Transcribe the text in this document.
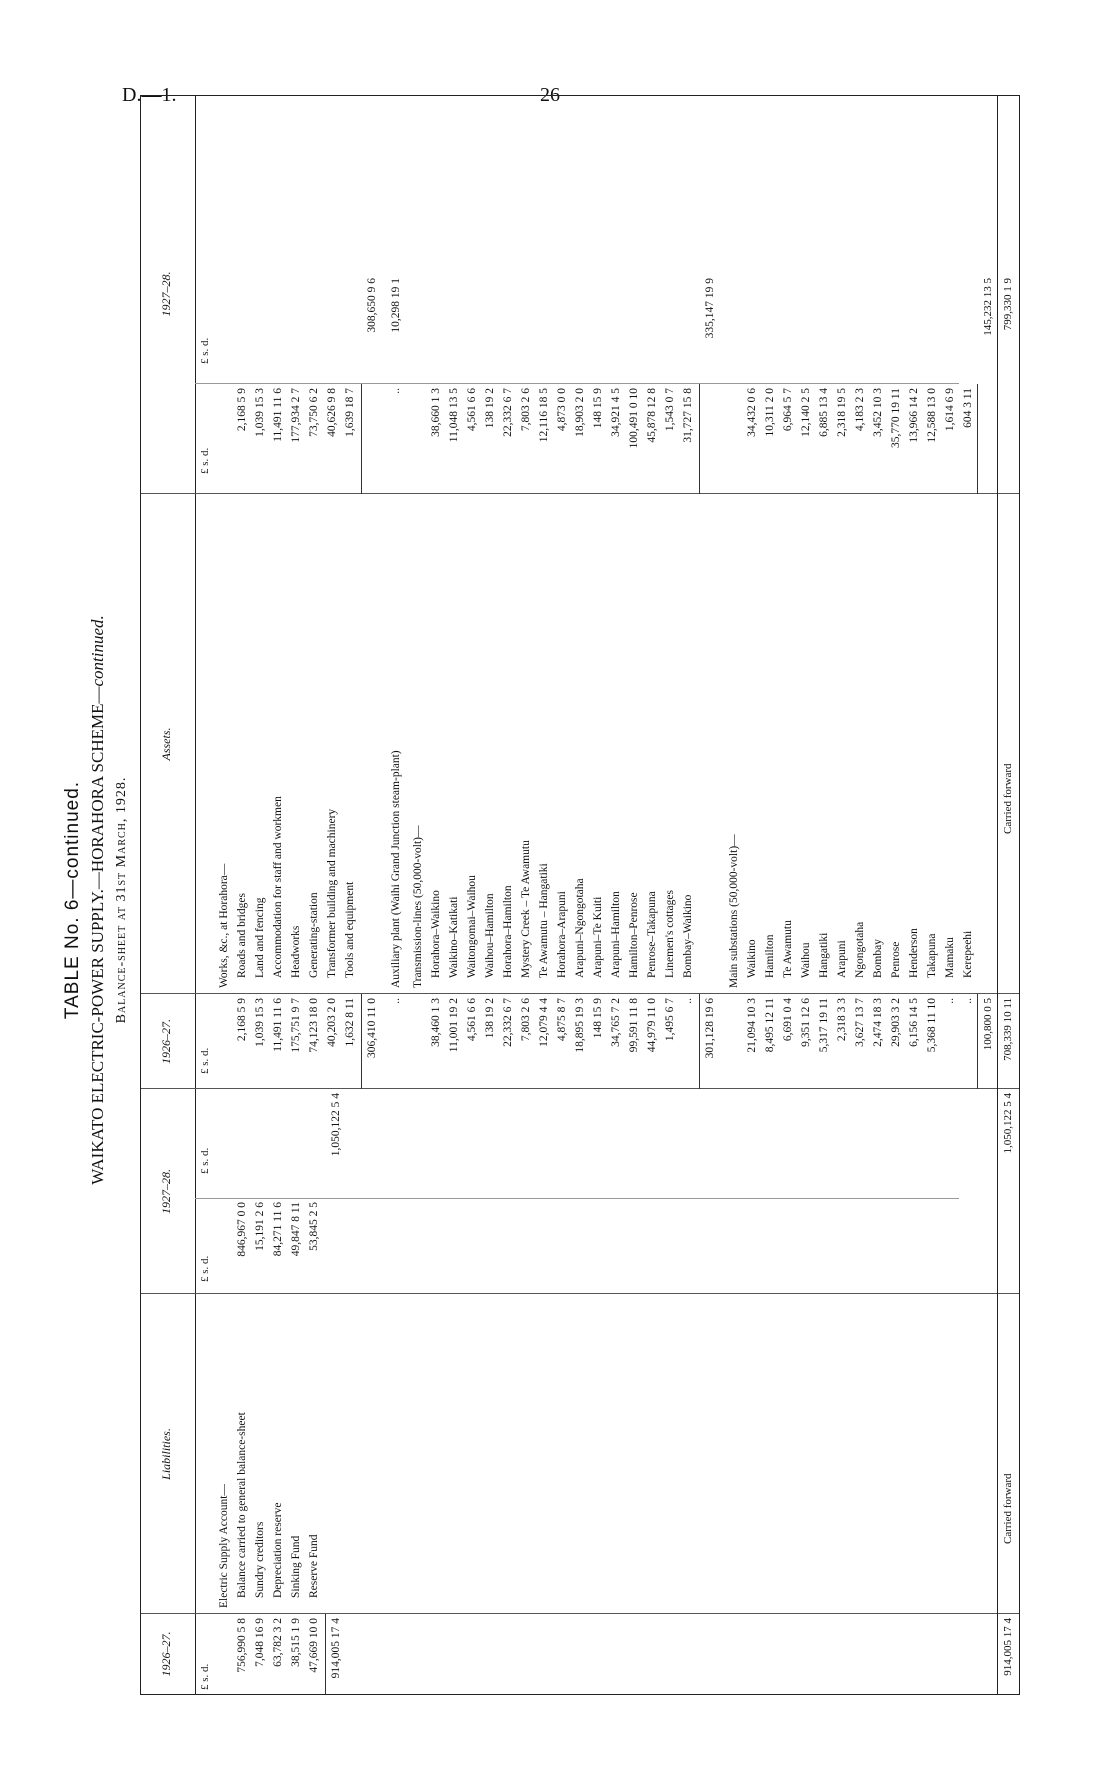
D.—1.	26
TABLE No. 6—continued. WAIKATO ELECTRIC-POWER SUPPLY.—HORAHORA SCHEME—continued.
Balance-sheet at 31st March, 1928.
1926–27.
Liabilities.
1927–28.
1926–27.
Assets.
1927–28.
£ s. d.
£ s. d.
£ s. d.
£ s. d.
£ s. d.
£ s. d.
Electric Supply Account— Balance carried to general balance-sheet
756,990 5 8
846,967 0 0
Sundry creditors
7,048 16 9
15,191 2 6
Depreciation reserve
63,782 3 2
84,271 11 6
Sinking Fund
38,515 1 9
49,847 8 11
Reserve Fund
47,669 10 0
53,845 2 5
914,005 17 4
1,050,122 5 4
Works, &c., at Horahora— Roads and bridges
2,168 5 9
2,168 5 9
Land and fencing
1,039 15 3
1,039 15 3
Accommodation for staff and workmen
11,491 11 6
11,491 11 6
Headworks
175,751 9 7
177,934 2 7
Generating-station
74,123 18 0
73,750 6 2
Transformer building and machinery
40,203 2 0
40,626 9 8
Tools and equipment
1,632 8 11
1,639 18 7
306,410 11 0
308,650 9 6
Auxiliary plant (Waihi Grand Junction steam-plant)
..
..
10,298 19 1
Transmission-lines (50,000-volt)— Horahora–Waikino
38,460 1 3
38,660 1 3
Waikino–Katikati
11,001 19 2
11,048 13 5
Waitongomai–Waihou
4,561 6 6
4,561 6 6
Waihou–Hamilton
138 19 2
138 19 2
Horahora–Hamilton
22,332 6 7
22,332 6 7
Mystery Creek – Te Awamutu
7,803 2 6
7,803 2 6
Te Awamutu – Hangatiki
12,079 4 4
12,116 18 5
Horahora–Arapuni
4,875 8 7
4,873 0 0
Arapuni–Ngongotaha
18,895 19 3
18,903 2 0
Arapuni–Te Kuiti
148 15 9
148 15 9
Arapuni–Hamilton
34,765 7 2
34,921 4 5
Hamilton–Penrose
99,591 11 8
100,491 0 10
Penrose–Takapuna
44,979 11 0
45,878 12 8
Linemen's cottages
1,495 6 7
1,543 0 7
Bombay–Waikino
..
31,727 15 8
301,128 19 6
335,147 19 9
Main substations (50,000-volt)— Waikino
21,094 10 3
34,432 0 6
Hamilton
8,495 12 11
10,311 2 0
Te Awamutu
6,691 0 4
6,964 5 7
Waihou
9,351 12 6
12,140 2 5
Hangatiki
5,317 19 11
6,885 13 4
Arapuni
2,318 3 3
2,318 19 5
Ngongotaha
3,627 13 7
4,183 2 3
Bombay
2,474 18 3
3,452 10 3
Penrose
29,903 3 2
35,770 19 11
Henderson
6,156 14 5
13,966 14 2
Takapuna
5,368 11 10
12,588 13 0
Mamaku
..
1,614 6 9
Kerepeehi
..
604 3 11
100,800 0 5
145,232 13 5
914,005 17 4
Carried forward
1,050,122 5 4
708,339 10 11
Carried forward
799,330 1 9
